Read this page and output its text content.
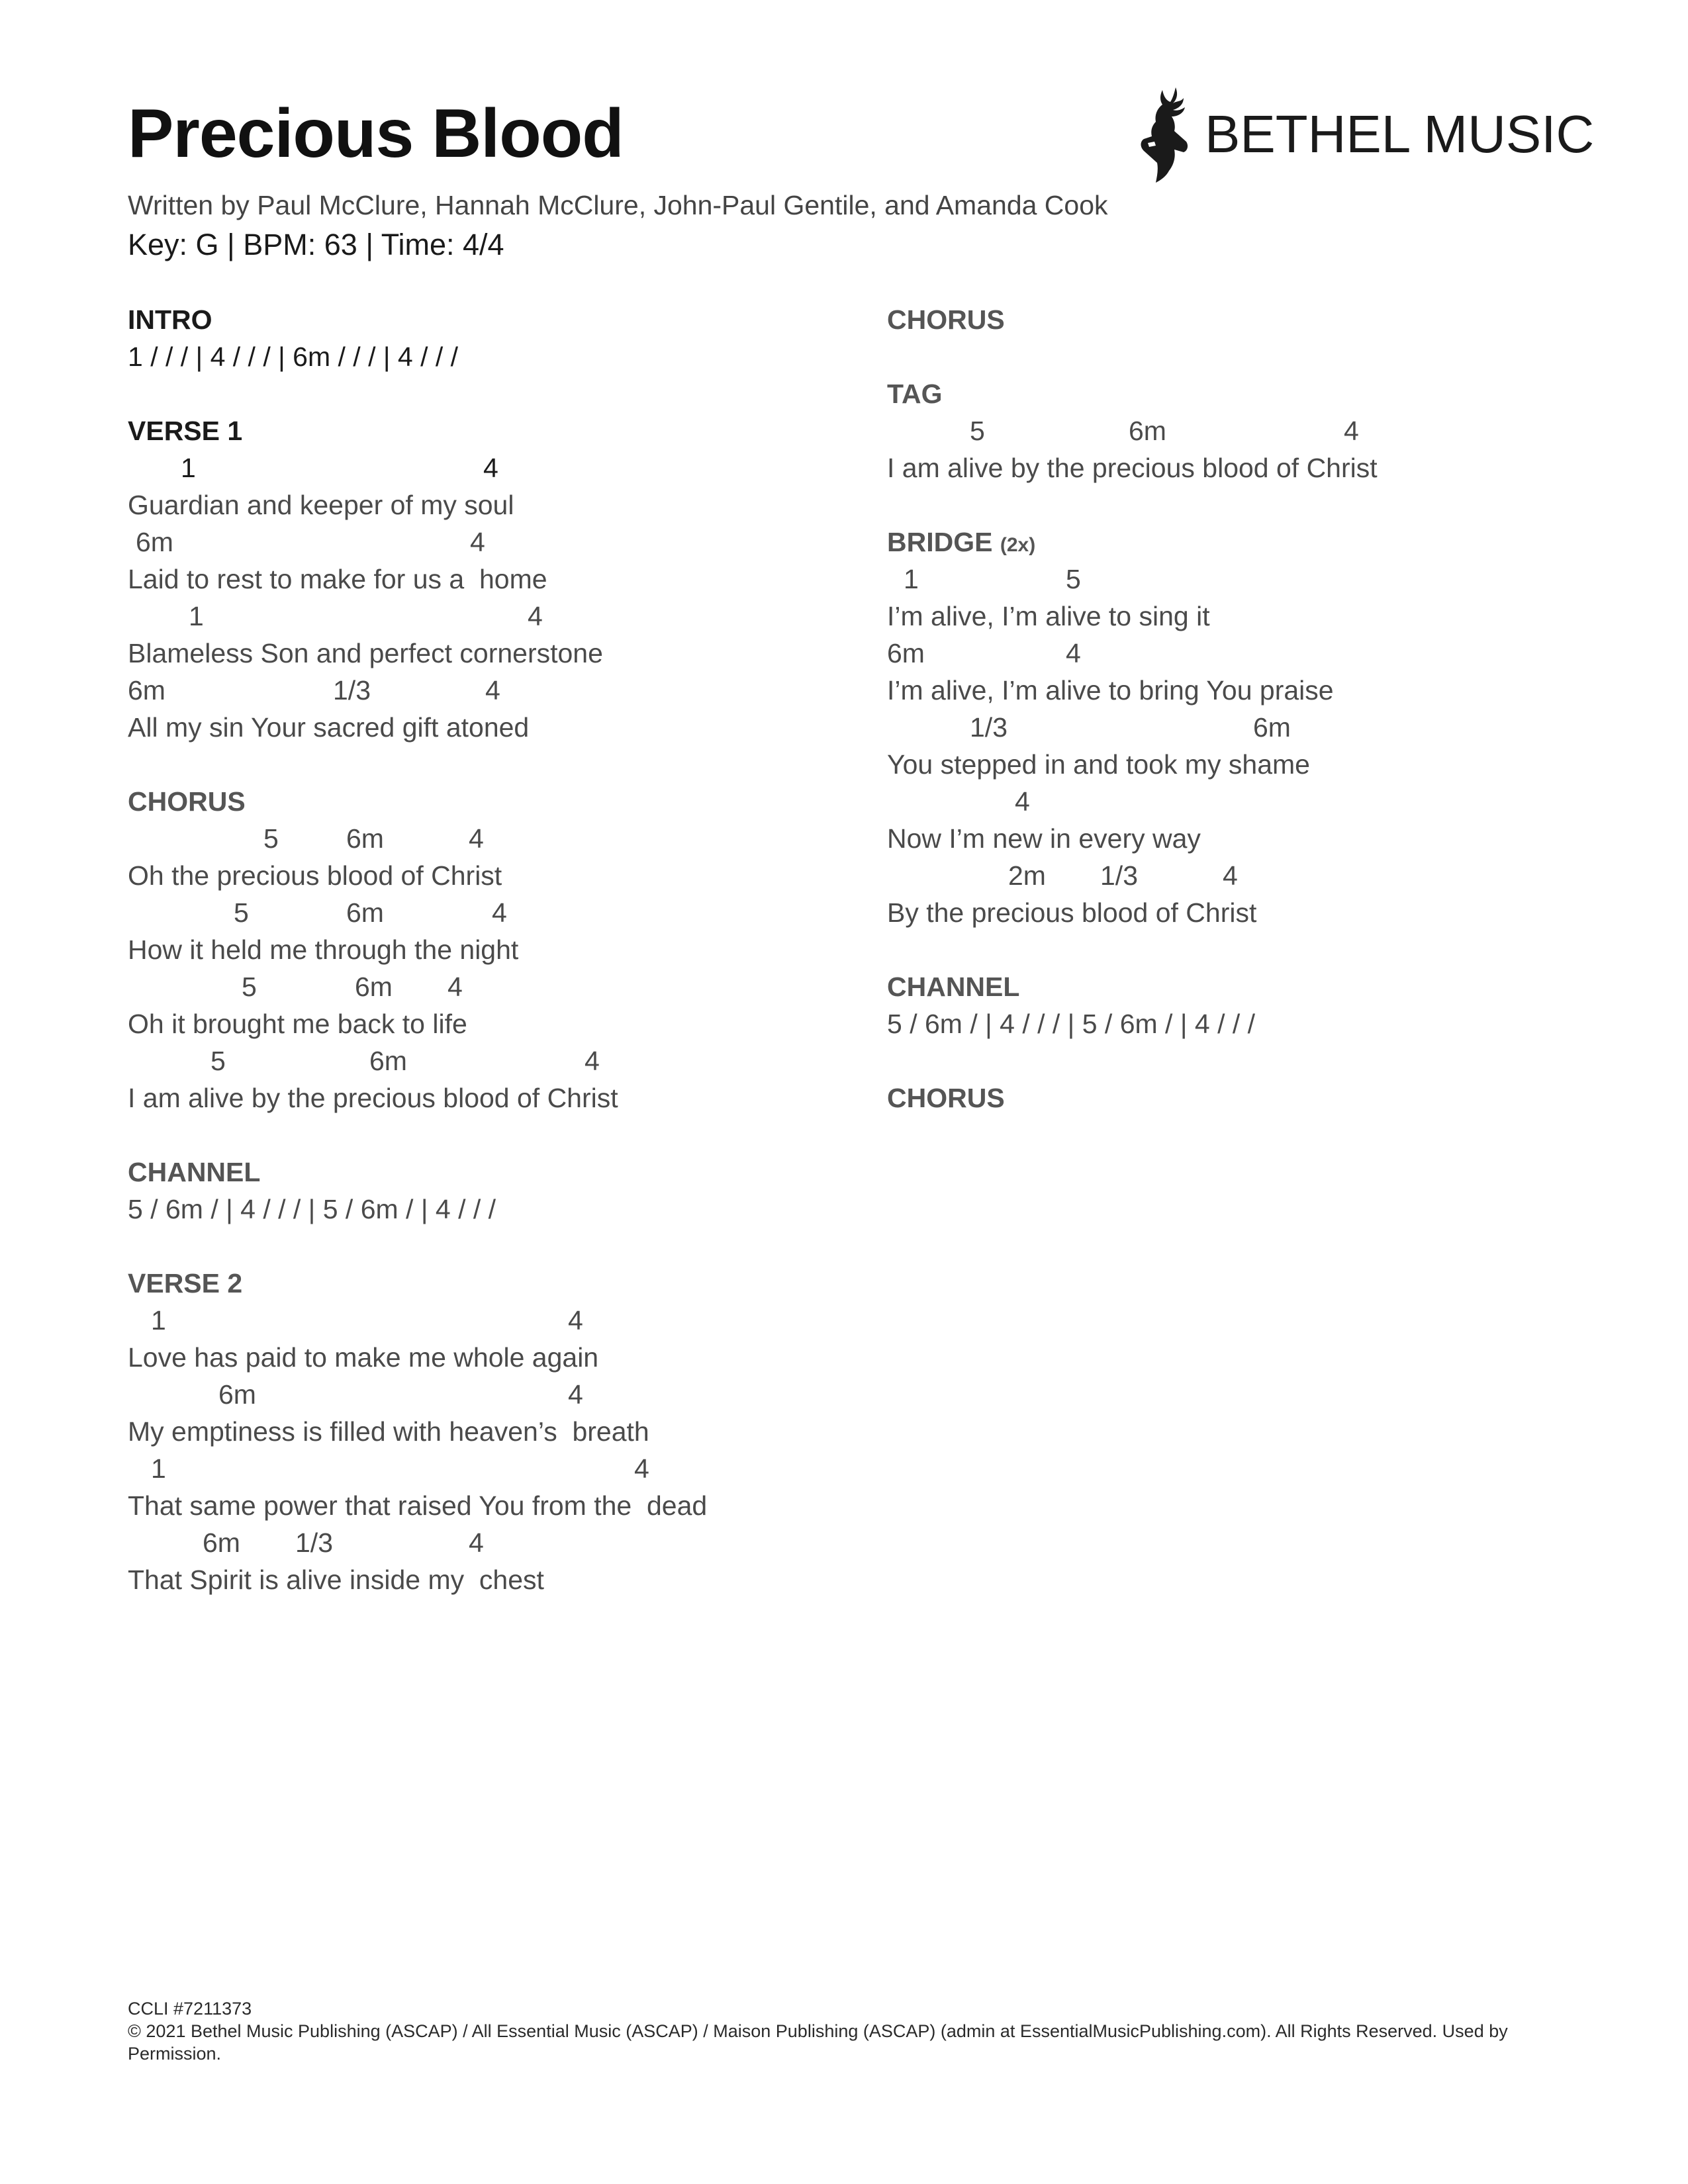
Precious Blood
Written by Paul McClure, Hannah McClure, John-Paul Gentile, and Amanda Cook
Key: G | BPM: 63 | Time: 4/4
BETHEL MUSIC
INTRO
1 / / / | 4 / / / | 6m / / / | 4 / / /
VERSE 1
1	4
Guardian and keeper of my soul
6m	4
Laid to rest to make for us a  home
1	4
Blameless Son and perfect cornerstone
6m	1/3	4
All my sin Your sacred gift atoned
CHORUS
5 6m	4
Oh the precious blood of Christ
5	6m	4
How it held me through the night
5	6m 4
Oh it brought me back to life
5	6m	4
I am alive by the precious blood of Christ
CHANNEL
5 / 6m / | 4 / / / | 5 / 6m / | 4 / / /
VERSE 2
1	4
Love has paid to make me whole again
6m	4
My emptiness is filled with heaven’s  breath
1	4
That same power that raised You from the  dead
6m 1/3	4
That Spirit is alive inside my  chest
CHORUS
TAG
5	6m	4
I am alive by the precious blood of Christ
BRIDGE (2x)
1	5
I’m alive, I’m alive to sing it
6m	4
I’m alive, I’m alive to bring You praise
1/3	6m
You stepped in and took my shame
4
Now I’m new in every way
2m 1/3	4
By the precious blood of Christ
CHANNEL
5 / 6m / | 4 / / / | 5 / 6m / | 4 / / /
CHORUS
CCLI #7211373
© 2021 Bethel Music Publishing (ASCAP) / All Essential Music (ASCAP) / Maison Publishing (ASCAP) (admin at EssentialMusicPublishing.com). All Rights Reserved. Used by Permission.
